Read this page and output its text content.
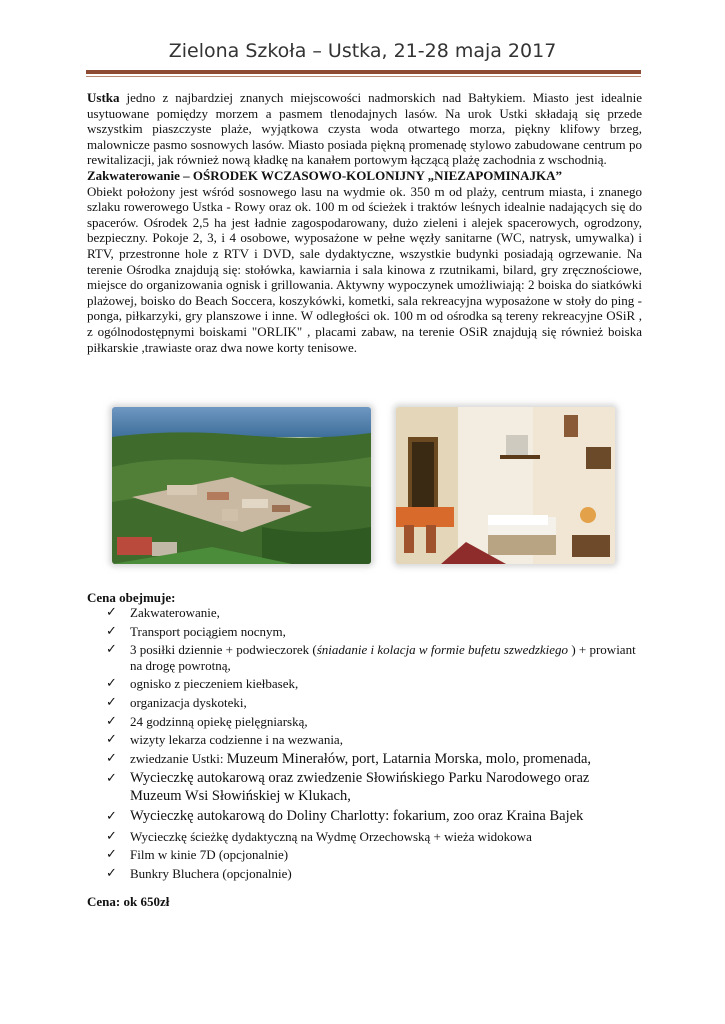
Zielona Szkoła – Ustka, 21-28 maja 2017

Ustka jedno z najbardziej znanych miejscowości nadmorskich nad Bałtykiem. Miasto jest idealnie usytuowane pomiędzy morzem a pasmem tlenodajnych lasów. Na urok Ustki składają się przede wszystkim piaszczyste plaże, wyjątkowa czysta woda otwartego morza, piękny klifowy brzeg, malownicze pasmo sosnowych lasów. Miasto posiada piękną promenadę stylowo zabudowane centrum po rewitalizacji, jak również nową kładkę na kanałem portowym łączącą plażę zachodnia z wschodnią.

Zakwaterowanie – OŚRODEK WCZASOWO-KOLONIJNY „NIEZAPOMINAJKA”

Obiekt położony jest wśród sosnowego lasu na wydmie ok. 350 m od plaży, centrum miasta, i znanego szlaku rowerowego Ustka - Rowy oraz ok. 100 m od ścieżek i traktów leśnych idealnie nadających się do spacerów. Ośrodek 2,5 ha jest ładnie zagospodarowany, dużo zieleni i alejek spacerowych, ogrodzony, bezpieczny. Pokoje 2, 3, i 4 osobowe, wyposażone w pełne węzły sanitarne (WC, natrysk, umywalka) i RTV, przestronne hole z RTV i DVD, sale dydaktyczne, wszystkie budynki posiadają ogrzewanie. Na terenie Ośrodka znajdują się: stołówka, kawiarnia i sala kinowa z rzutnikami, bilard, gry zręcznościowe, miejsce do organizowania ognisk i grillowania. Aktywny wypoczynek umożliwiają: 2 boiska do siatkówki plażowej, boisko do Beach Soccera, koszykówki, kometki, sala rekreacyjna wyposażone w stoły do ping - ponga, piłkarzyki, gry planszowe i inne. W odległości ok. 100 m od ośrodka są tereny rekreacyjne OSiR , z ogólnodostępnymi boiskami "ORLIK" , placami zabaw, na terenie OSiR znajdują się również boiska piłkarskie ,trawiaste oraz dwa nowe korty tenisowe.

Cena obejmuje:
✓ Zakwaterowanie,
✓ Transport pociągiem nocnym,
✓ 3 posiłki dziennie + podwieczorek (śniadanie i kolacja w formie bufetu szwedzkiego ) + prowiant na drogę powrotną,
✓ ognisko z pieczeniem kiełbasek,
✓ organizacja dyskoteki,
✓ 24 godzinną opiekę pielęgniarską,
✓ wizyty lekarza codzienne i na wezwania,
✓ zwiedzanie Ustki: Muzeum Minerałów, port, Latarnia Morska, molo, promenada,
✓ Wycieczkę autokarową oraz zwiedzenie Słowińskiego Parku Narodowego oraz Muzeum Wsi Słowińskiej w Klukach,
✓ Wycieczkę autokarową do Doliny Charlotty: fokarium, zoo oraz Kraina Bajek
✓ Wycieczkę ścieżkę dydaktyczną na Wydmę Orzechowską + wieża widokowa
✓ Film w kinie 7D (opcjonalnie)
✓ Bunkry Bluchera (opcjonalnie)
Cena: ok 650zł
